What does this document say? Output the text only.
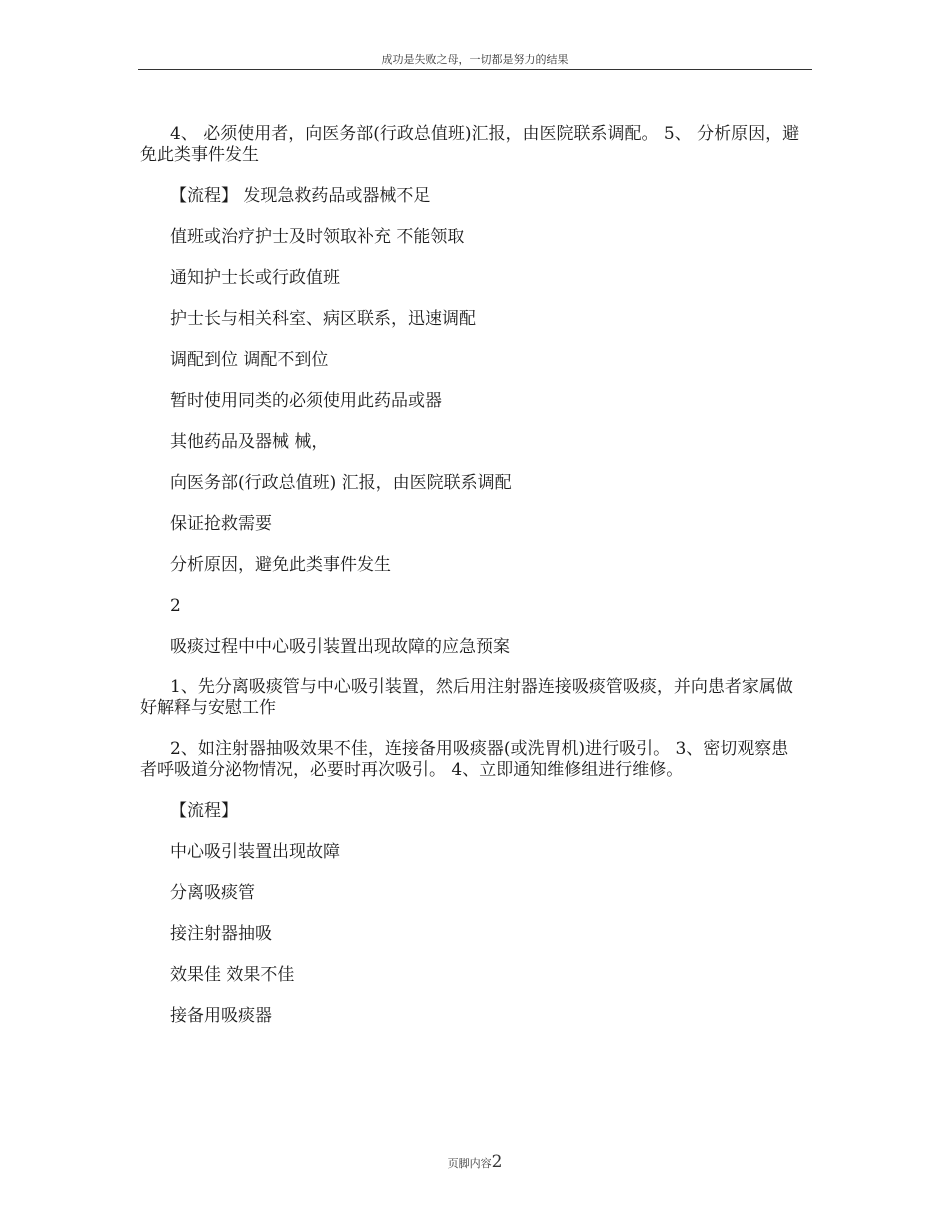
成功是失败之母，一切都是努力的结果

4、 必须使用者，向医务部(行政总值班)汇报，由医院联系调配。 5、 分析原因，避免此类事件发生

【流程】 发现急救药品或器械不足

值班或治疗护士及时领取补充 不能领取

通知护士长或行政值班

护士长与相关科室、病区联系，迅速调配

调配到位 调配不到位

暂时使用同类的必须使用此药品或器

其他药品及器械 械，

向医务部(行政总值班) 汇报，由医院联系调配

保证抢救需要

分析原因，避免此类事件发生

2

吸痰过程中中心吸引装置出现故障的应急预案

1、先分离吸痰管与中心吸引装置，然后用注射器连接吸痰管吸痰，并向患者家属做好解释与安慰工作

2、如注射器抽吸效果不佳，连接备用吸痰器(或洗胃机)进行吸引。 3、密切观察患者呼吸道分泌物情况，必要时再次吸引。 4、立即通知维修组进行维修。

【流程】

中心吸引装置出现故障

分离吸痰管

接注射器抽吸

效果佳 效果不佳

接备用吸痰器

页脚内容2
